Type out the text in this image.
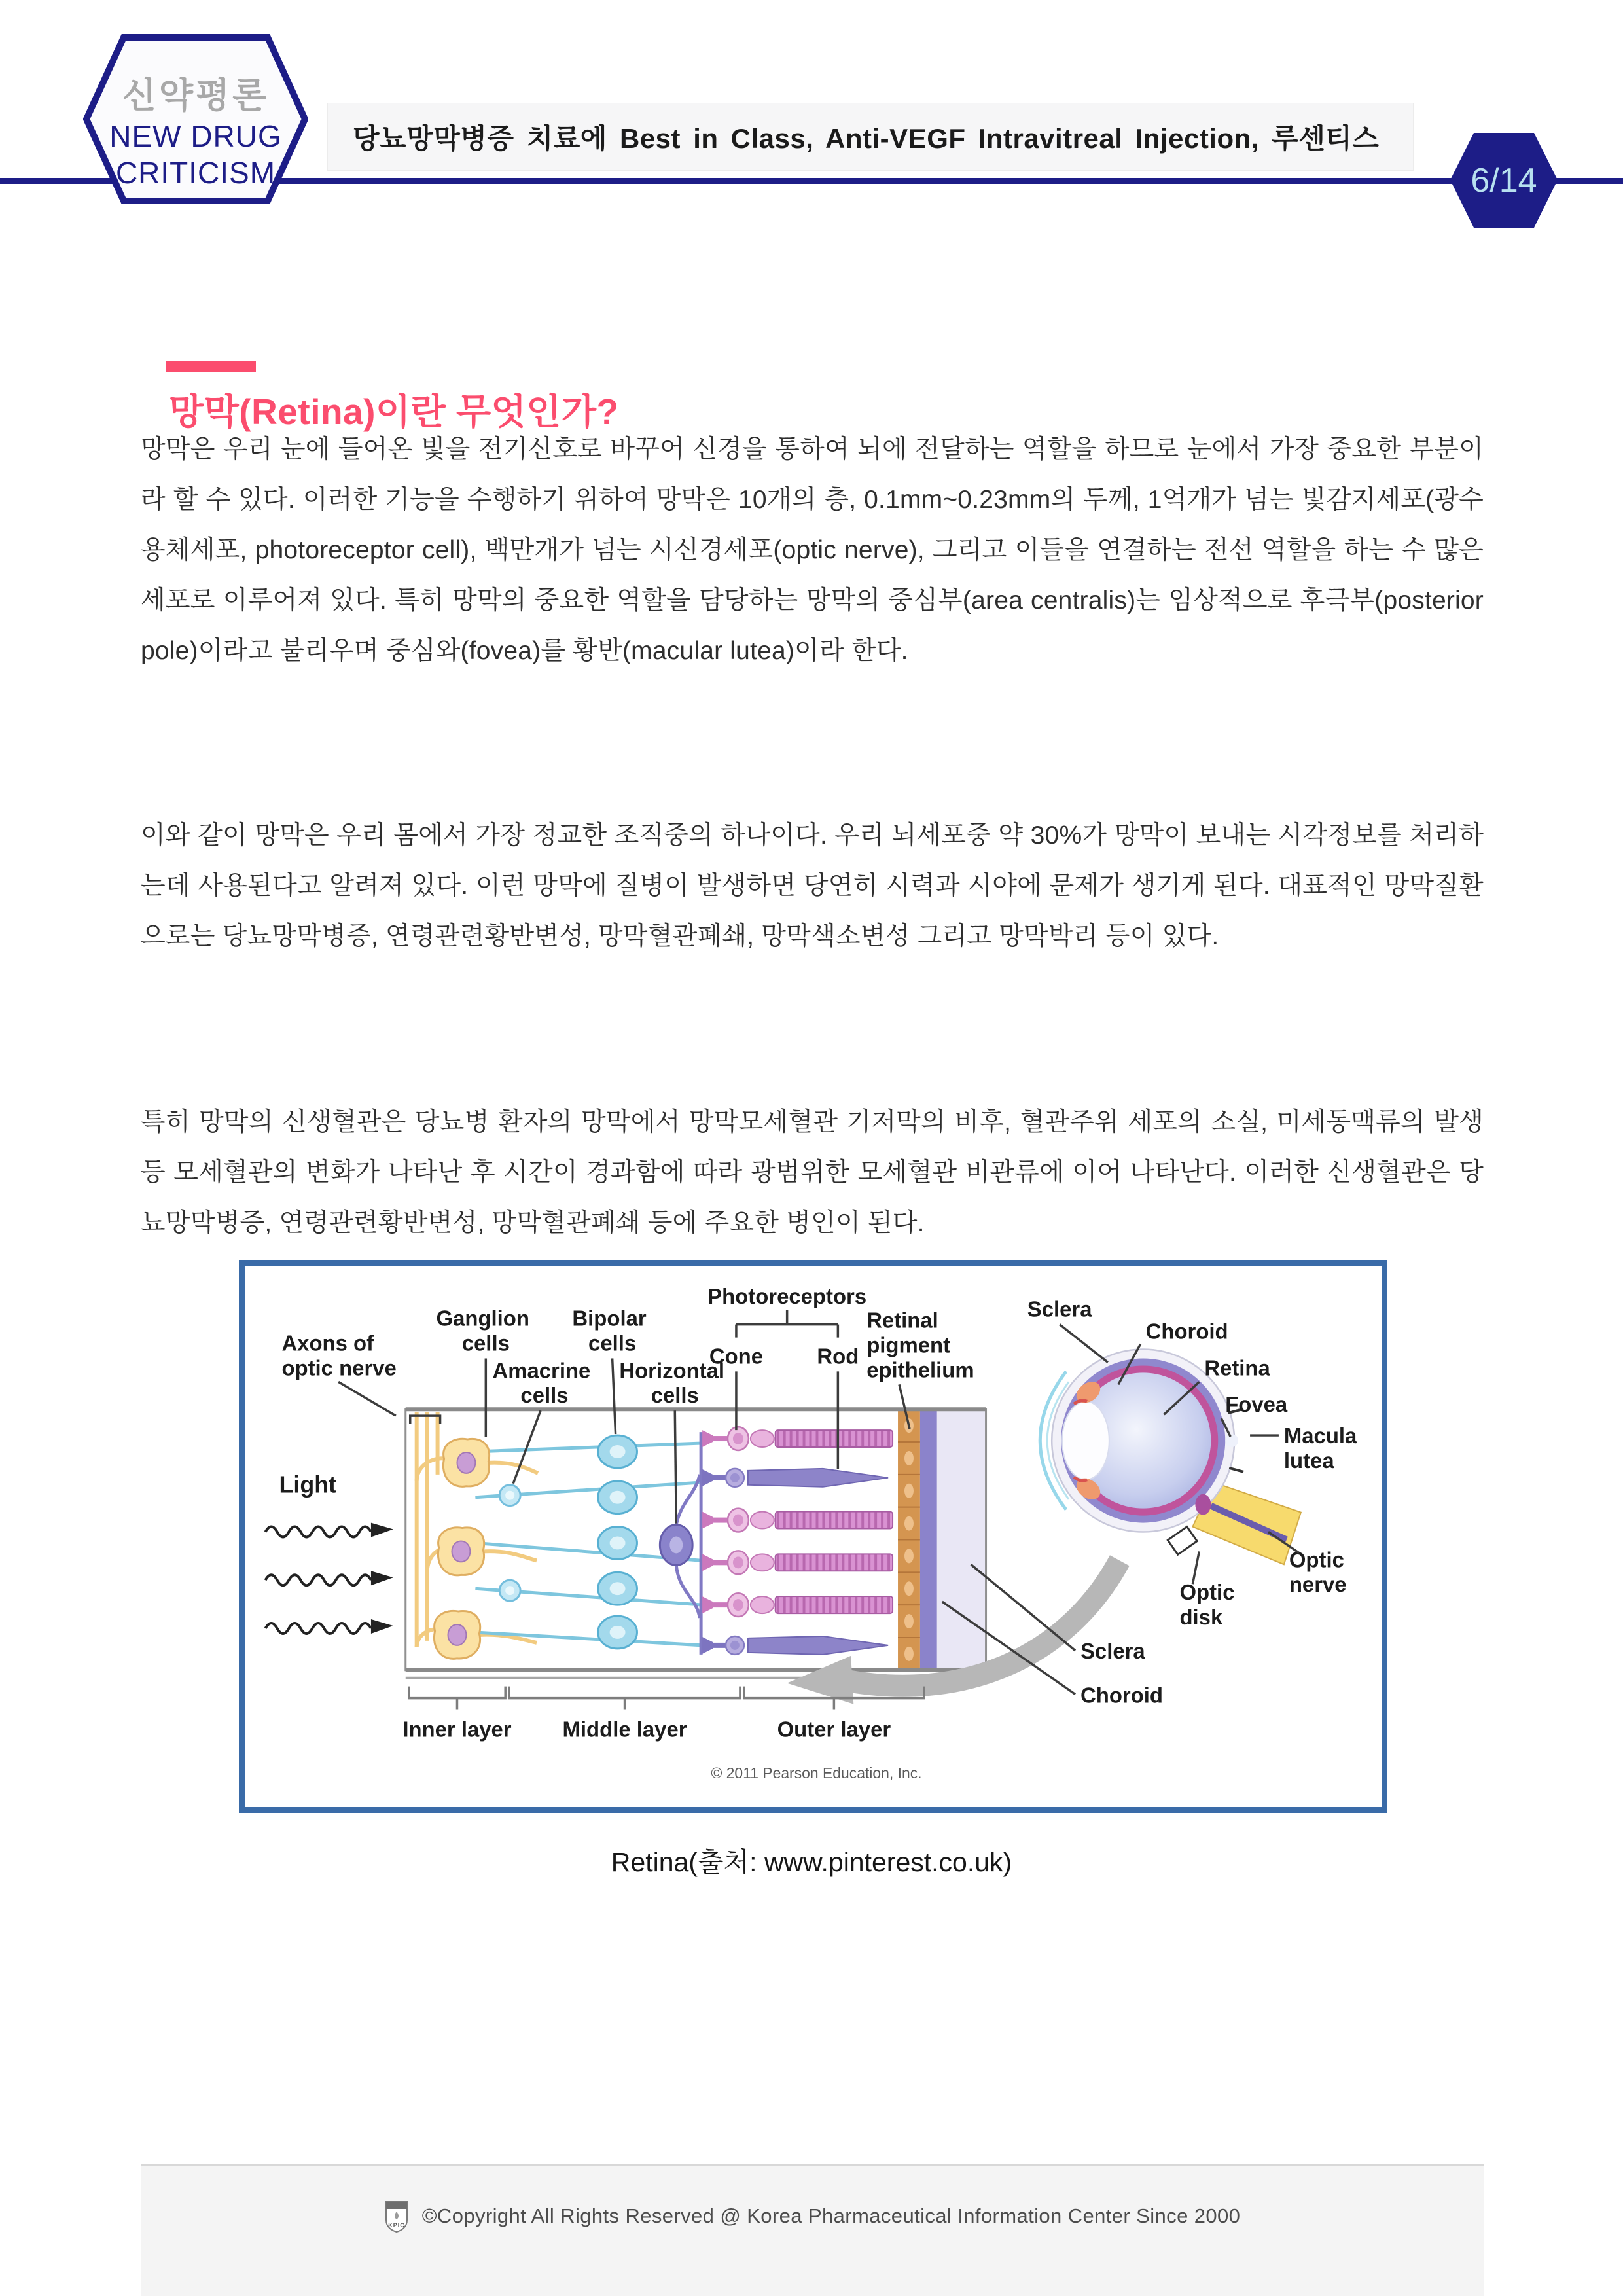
신약평론
NEW DRUG
CRITICISM
당뇨망막병증 치료에 Best in Class, Anti-VEGF Intravitreal Injection, 루센티스
6/14
망막(Retina)이란 무엇인가?
망막은 우리 눈에 들어온 빛을 전기신호로 바꾸어 신경을 통하여 뇌에 전달하는 역할을 하므로 눈에서 가장 중요한 부분이라 할 수 있다. 이러한 기능을 수행하기 위하여 망막은 10개의 층, 0.1mm~0.23mm의 두께, 1억개가 넘는 빛감지세포(광수용체세포, photoreceptor cell), 백만개가 넘는 시신경세포(optic nerve), 그리고 이들을 연결하는 전선 역할을 하는 수 많은 세포로 이루어져 있다. 특히 망막의 중요한 역할을 담당하는 망막의 중심부(area centralis)는 임상적으로 후극부(posterior pole)이라고 불리우며 중심와(fovea)를 황반(macular lutea)이라 한다.
이와 같이 망막은 우리 몸에서 가장 정교한 조직중의 하나이다. 우리 뇌세포중 약 30%가 망막이 보내는 시각정보를 처리하는데 사용된다고 알려져 있다. 이런 망막에 질병이 발생하면 당연히 시력과 시야에 문제가 생기게 된다. 대표적인 망막질환으로는 당뇨망막병증, 연령관련황반변성, 망막혈관폐쇄, 망막색소변성 그리고 망막박리 등이 있다.
특히 망막의 신생혈관은 당뇨병 환자의 망막에서 망막모세혈관 기저막의 비후, 혈관주위 세포의 소실, 미세동맥류의 발생 등 모세혈관의 변화가 나타난 후 시간이 경과함에 따라 광범위한 모세혈관 비관류에 이어 나타난다. 이러한 신생혈관은 당뇨망막병증, 연령관련황반변성, 망막혈관폐쇄 등에 주요한 병인이 된다.
Light
Axons of optic nerve
Ganglion cells
Amacrine cells
Bipolar cells
Horizontal cells
Photoreceptors
Cone Rod
Retinal pigment epithelium
Sclera
Choroid
Retina
Fovea
Macula lutea
Optic disk
Optic nerve
Sclera
Choroid
Inner layer Middle layer	Outer layer
© 2011 Pearson Education, Inc.
Retina(출처: www.pinterest.co.uk)
KPIC ©Copyright All Rights Reserved @ Korea Pharmaceutical Information Center Since 2000
